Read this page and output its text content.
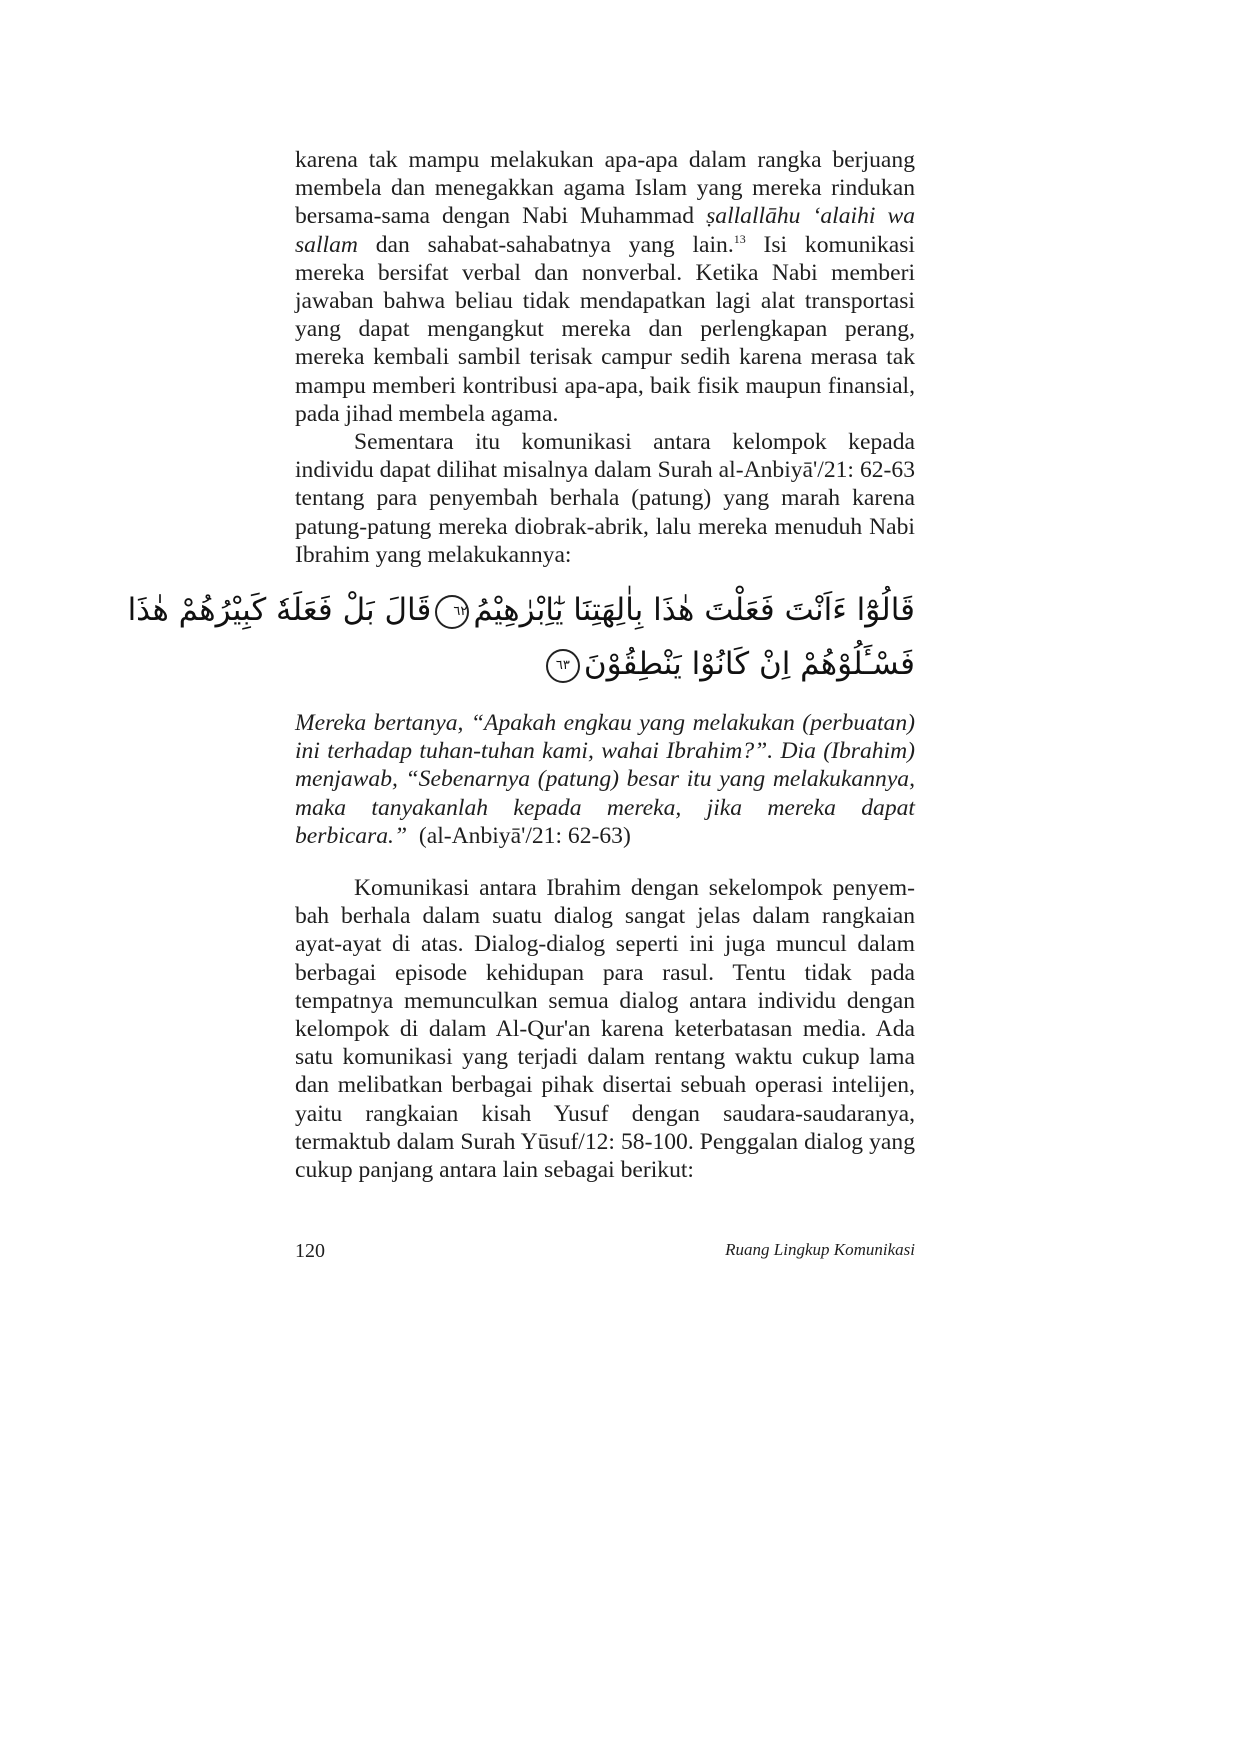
karena tak mampu melakukan apa-apa dalam rangka berjuang membela dan menegakkan agama Islam yang mereka rindukan bersama-sama dengan Nabi Muhammad ṣallallāhu ‘alaihi wa sallam dan sahabat-sahabatnya yang lain.$^{13}$ Isi komunikasi mereka bersifat verbal dan nonverbal. Ketika Nabi memberi jawaban bahwa beliau tidak mendapatkan lagi alat transportasi yang dapat mengangkut mereka dan perlengkapan perang, mereka kembali sambil terisak campur sedih karena merasa tak mampu memberi kontribusi apa-apa, baik fisik maupun finansial, pada jihad membela agama.

Sementara itu komunikasi antara kelompok kepada individu dapat dilihat misalnya dalam Surah al-Anbiyā'/21: 62-63 tentang para penyembah berhala (patung) yang marah karena patung-patung mereka diobrak-abrik, lalu mereka menuduh Nabi Ibrahim yang melakukannya:

قَالُوْٓا ءَاَنْتَ فَعَلْتَ هٰذَا بِاٰلِهَتِنَا يٰٓاِبْرٰهِيْمُ٦٢قَالَ بَلْ فَعَلَهٗ كَبِيْرُهُمْ هٰذَا
فَسْـَٔلُوْهُمْ اِنْ كَانُوْا يَنْطِقُوْنَ٦٣

Mereka bertanya, “Apakah engkau yang melakukan (perbuatan) ini terhadap tuhan-tuhan kami, wahai Ibrahim?”. Dia (Ibrahim) menjawab, “Sebenarnya (patung) besar itu yang melakukannya, maka tanyakanlah kepada mereka, jika mereka dapat berbicara.” (al-Anbiyā'/21: 62-63)

Komunikasi antara Ibrahim dengan sekelompok penyem-bah berhala dalam suatu dialog sangat jelas dalam rangkaian ayat-ayat di atas. Dialog-dialog seperti ini juga muncul dalam berbagai episode kehidupan para rasul. Tentu tidak pada tempatnya memunculkan semua dialog antara individu dengan kelompok di dalam Al-Qur'an karena keterbatasan media. Ada satu komunikasi yang terjadi dalam rentang waktu cukup lama dan melibatkan berbagai pihak disertai sebuah operasi intelijen, yaitu rangkaian kisah Yusuf dengan saudara-saudaranya, termaktub dalam Surah Yūsuf/12: 58-100. Penggalan dialog yang cukup panjang antara lain sebagai berikut:

120	Ruang Lingkup Komunikasi
